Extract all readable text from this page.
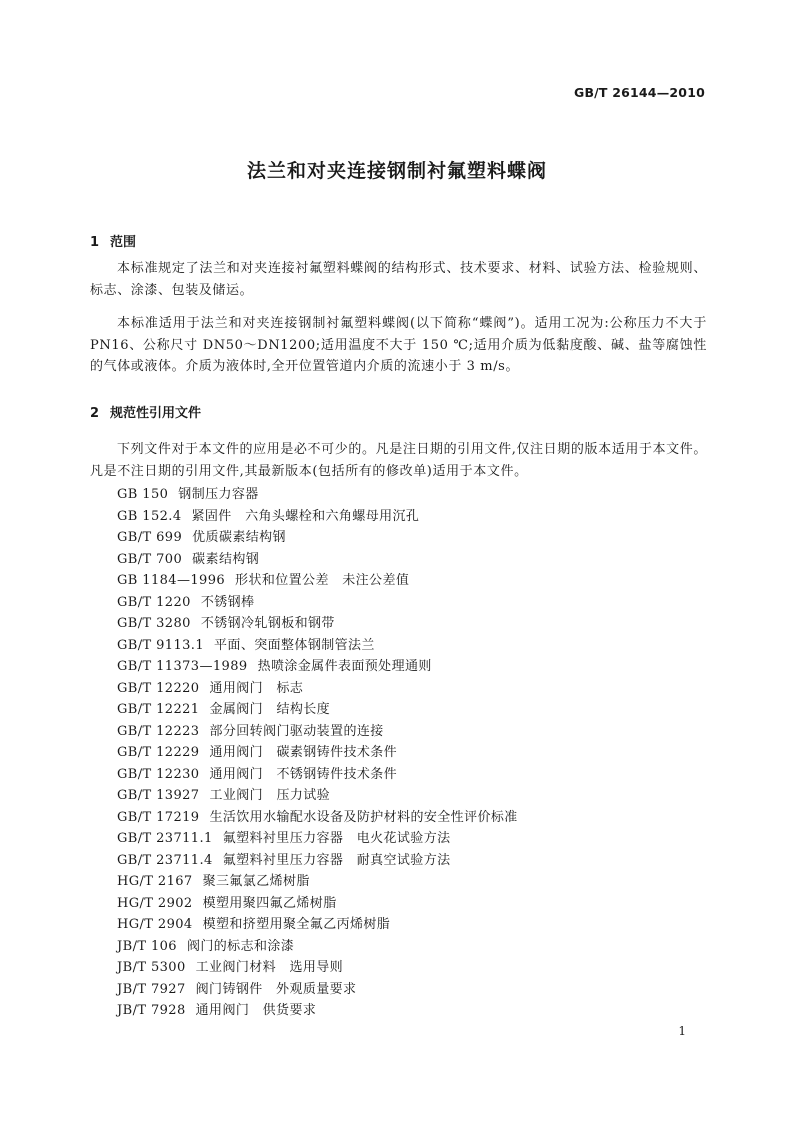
GB/T 26144—2010
法兰和对夹连接钢制衬氟塑料蝶阀
1 范围

本标准规定了法兰和对夹连接衬氟塑料蝶阀的结构形式、技术要求、材料、试验方法、检验规则、标志、涂漆、包装及储运。

本标准适用于法兰和对夹连接钢制衬氟塑料蝶阀(以下简称“蝶阀”)。适用工况为:公称压力不大于 PN16、公称尺寸 DN50～DN1200;适用温度不大于 150 ℃;适用介质为低黏度酸、碱、盐等腐蚀性的气体或液体。介质为液体时,全开位置管道内介质的流速小于 3 m/s。

2 规范性引用文件

下列文件对于本文件的应用是必不可少的。凡是注日期的引用文件,仅注日期的版本适用于本文件。凡是不注日期的引用文件,其最新版本(包括所有的修改单)适用于本文件。

GB 150 钢制压力容器
GB 152.4 紧固件　六角头螺栓和六角螺母用沉孔
GB/T 699 优质碳素结构钢
GB/T 700 碳素结构钢
GB 1184—1996 形状和位置公差　未注公差值
GB/T 1220 不锈钢棒
GB/T 3280 不锈钢冷轧钢板和钢带
GB/T 9113.1 平面、突面整体钢制管法兰
GB/T 11373—1989 热喷涂金属件表面预处理通则
GB/T 12220 通用阀门　标志
GB/T 12221 金属阀门　结构长度
GB/T 12223 部分回转阀门驱动装置的连接
GB/T 12229 通用阀门　碳素钢铸件技术条件
GB/T 12230 通用阀门　不锈钢铸件技术条件
GB/T 13927 工业阀门　压力试验
GB/T 17219 生活饮用水输配水设备及防护材料的安全性评价标准
GB/T 23711.1 氟塑料衬里压力容器　电火花试验方法
GB/T 23711.4 氟塑料衬里压力容器　耐真空试验方法
HG/T 2167 聚三氟氯乙烯树脂
HG/T 2902 模塑用聚四氟乙烯树脂
HG/T 2904 模塑和挤塑用聚全氟乙丙烯树脂
JB/T 106 阀门的标志和涂漆
JB/T 5300 工业阀门材料　选用导则
JB/T 7927 阀门铸钢件　外观质量要求
JB/T 7928 通用阀门　供货要求
1
